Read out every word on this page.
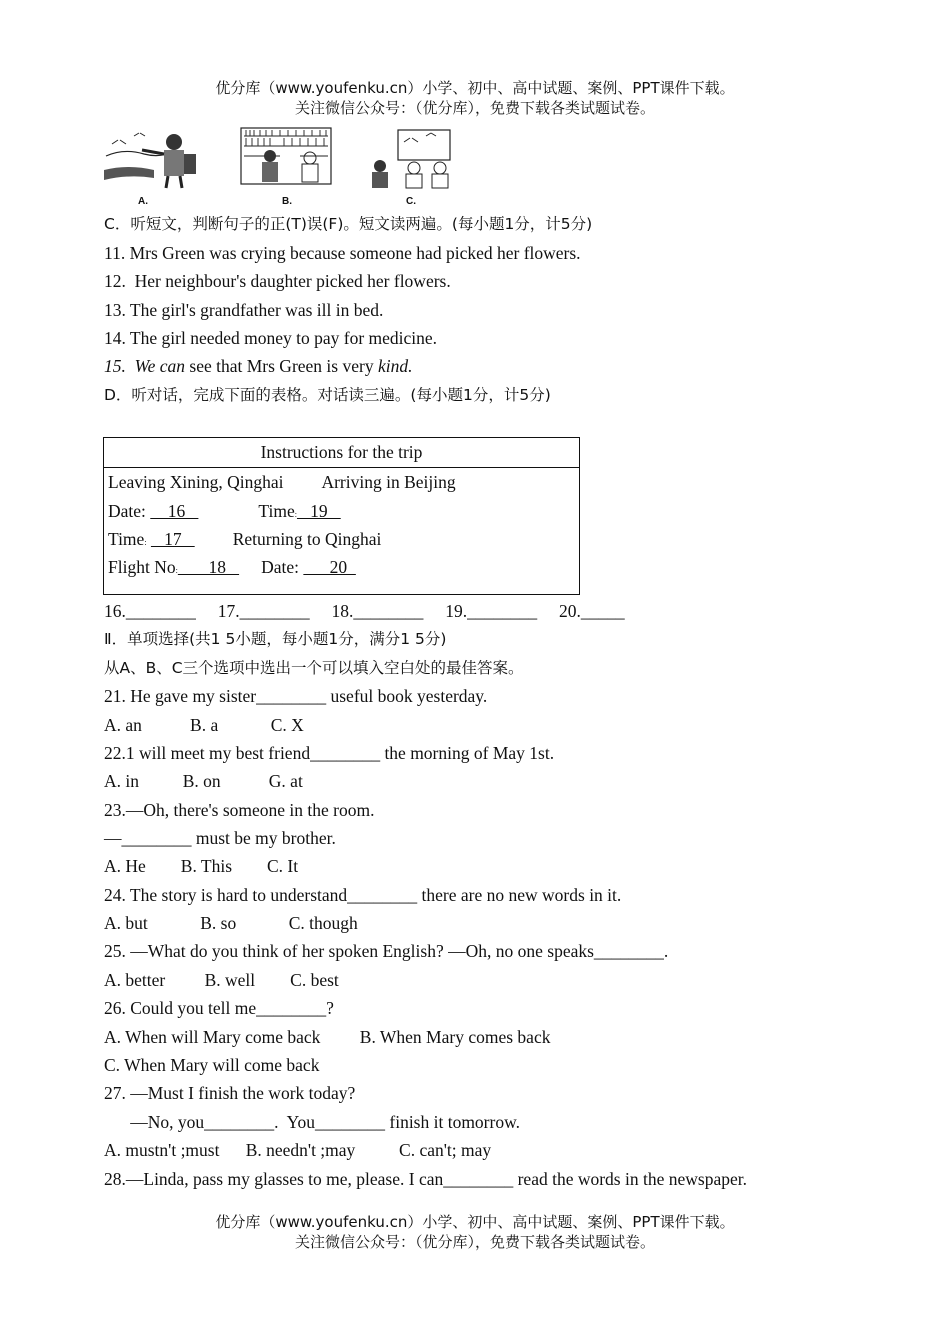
优分库（www.youfenku.cn）小学、初中、高中试题、案例、PPT课件下载。
关注微信公众号：（优分库），免费下载各类试题试卷。
A.	B.	C.
C．听短文，判断句子的正(T)误(F)。短文读两遍。(每小题1分，计5分)
11. Mrs Green was crying because someone had picked her flowers.
12.  Her neighbour's daughter picked her flowers.
13. The girl's grandfather was ill in bed.
14. The girl needed money to pay for medicine.
15.  We can see that Mrs Green is very kind.
D．听对话，完成下面的表格。对话读三遍。(每小题1分，计5分)
Instructions for the trip
Leaving Xining, Qinghai Arriving in Beijing
Date:     16	Time:   19
Time:    17   Returning to Qinghai
Flight No:       18   Date:       20
16.________     17.________     18.________     19.________     20._____
Ⅱ．单项选择(共1 5小题，每小题1分，满分1 5分)
从A、B、C三个选项中选出一个可以填入空白处的最佳答案。
21. He gave my sister________ useful book yesterday.
A. an           B. a            C. X
22.1 will meet my best friend________ the morning of May 1st.
A. in          B. on           G. at
23.—Oh, there's someone in the room.
—________ must be my brother.
A. He        B. This        C. It
24. The story is hard to understand________ there are no new words in it.
A. but            B. so            C. though
25. —What do you think of her spoken English? —Oh, no one speaks________.
A. better         B. well        C. best
26. Could you tell me________?
A. When will Mary come back         B. When Mary comes back
C. When Mary will come back
27. —Must I finish the work today?
—No, you________.  You________ finish it tomorrow.
A. mustn't ;must      B. needn't ;may          C. can't; may
28.—Linda, pass my glasses to me, please. I can________ read the words in the newspaper.
优分库（www.youfenku.cn）小学、初中、高中试题、案例、PPT课件下载。
关注微信公众号：（优分库），免费下载各类试题试卷。
